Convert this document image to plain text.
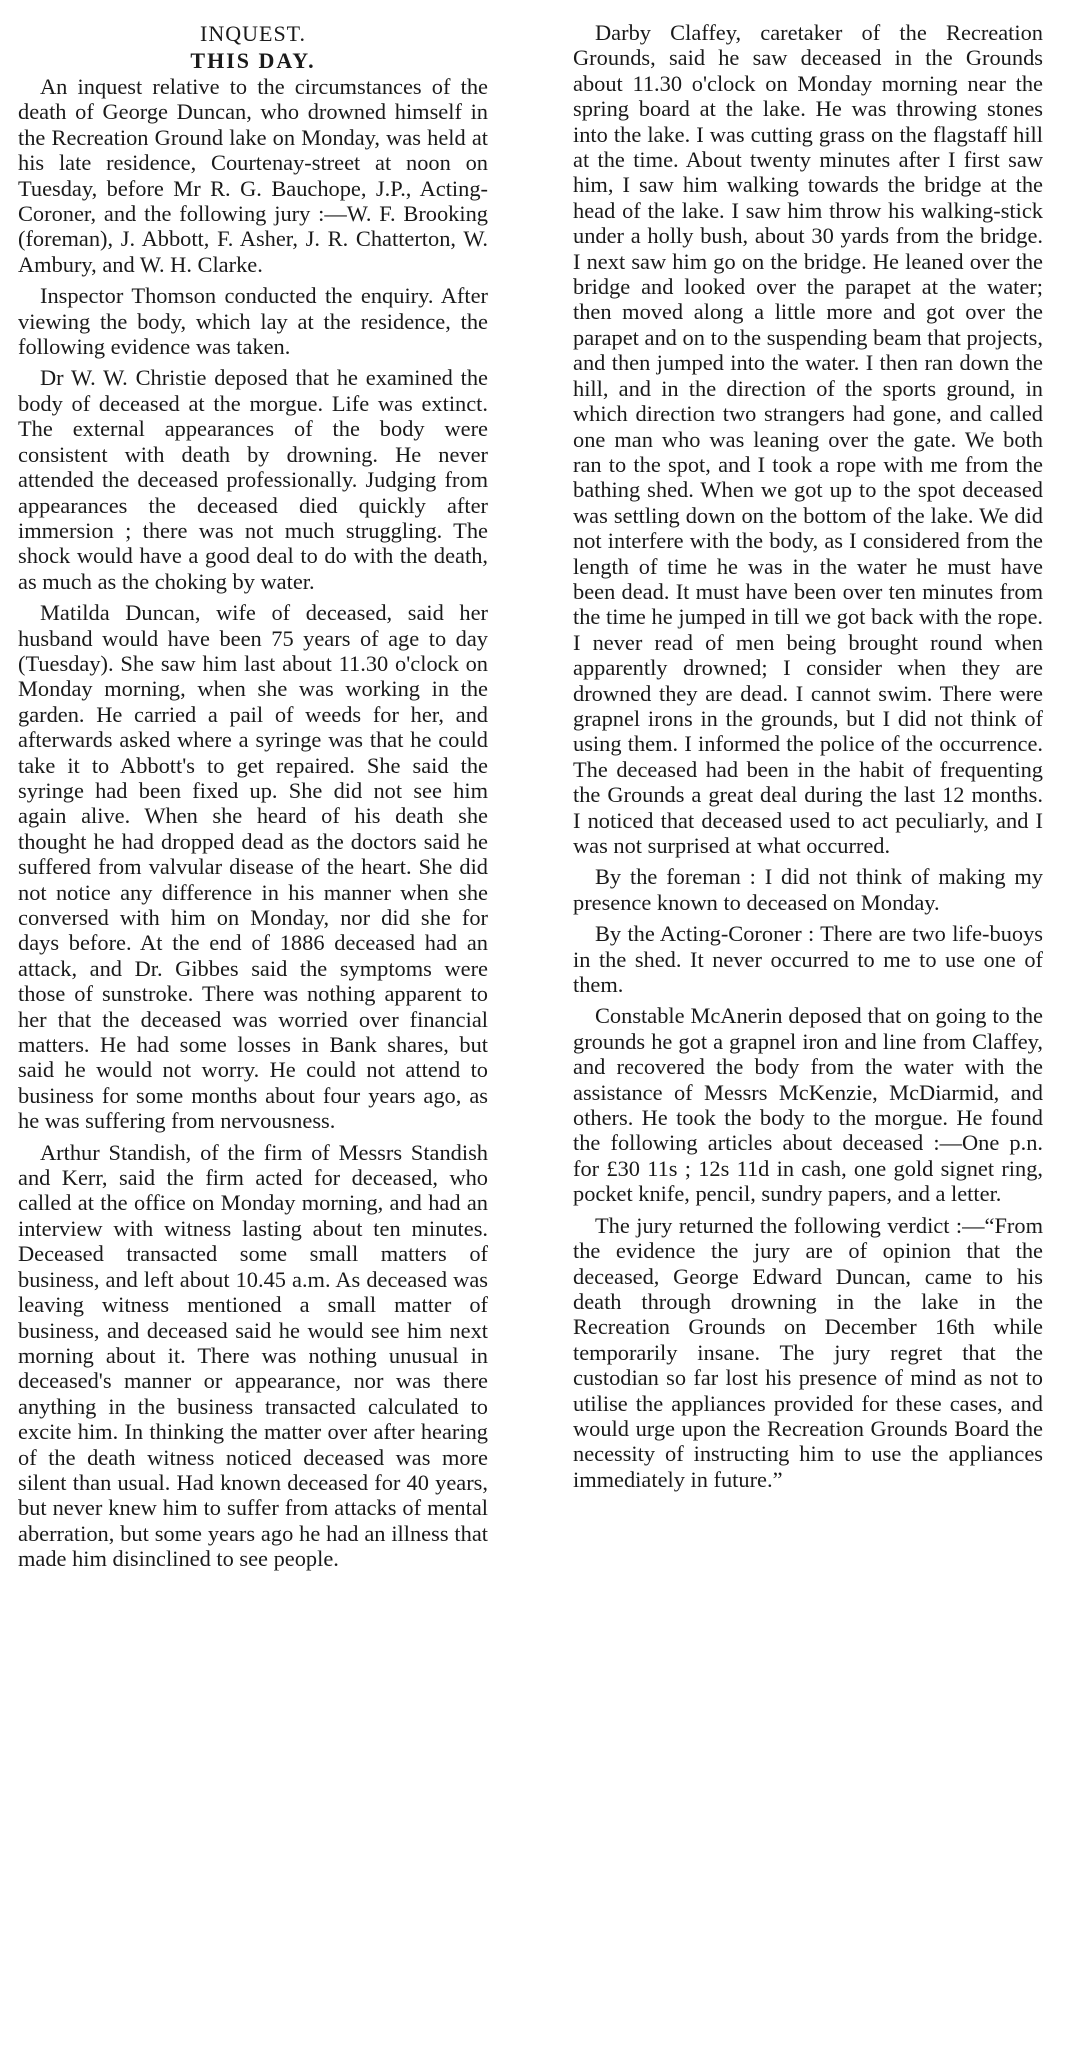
INQUEST.
THIS DAY.

An inquest relative to the circumstances of the death of George Duncan, who drowned himself in the Recreation Ground lake on Monday, was held at his late residence, Courtenay-street at noon on Tuesday, before Mr R. G. Bauchope, J.P., Acting-Coroner, and the following jury :—W. F. Brooking (foreman), J. Abbott, F. Asher, J. R. Chatterton, W. Ambury, and W. H. Clarke.

Inspector Thomson conducted the enquiry. After viewing the body, which lay at the residence, the following evidence was taken.

Dr W. W. Christie deposed that he examined the body of deceased at the morgue. Life was extinct. The external appearances of the body were consistent with death by drowning. He never attended the deceased professionally. Judging from appearances the deceased died quickly after immersion ; there was not much struggling. The shock would have a good deal to do with the death, as much as the choking by water.

Matilda Duncan, wife of deceased, said her husband would have been 75 years of age to day (Tuesday). She saw him last about 11.30 o'clock on Monday morning, when she was working in the garden. He carried a pail of weeds for her, and afterwards asked where a syringe was that he could take it to Abbott's to get repaired. She said the syringe had been fixed up. She did not see him again alive. When she heard of his death she thought he had dropped dead as the doctors said he suffered from valvular disease of the heart. She did not notice any difference in his manner when she conversed with him on Monday, nor did she for days before. At the end of 1886 deceased had an attack, and Dr. Gibbes said the symptoms were those of sunstroke. There was nothing apparent to her that the deceased was worried over financial matters. He had some losses in Bank shares, but said he would not worry. He could not attend to business for some months about four years ago, as he was suffering from nervousness.

Arthur Standish, of the firm of Messrs Standish and Kerr, said the firm acted for deceased, who called at the office on Monday morning, and had an interview with witness lasting about ten minutes. Deceased transacted some small matters of business, and left about 10.45 a.m. As deceased was leaving witness mentioned a small matter of business, and deceased said he would see him next morning about it. There was nothing unusual in deceased's manner or appearance, nor was there anything in the business transacted calculated to excite him. In thinking the matter over after hearing of the death witness noticed deceased was more silent than usual. Had known deceased for 40 years, but never knew him to suffer from attacks of mental aberration, but some years ago he had an illness that made him disinclined to see people.

Darby Claffey, caretaker of the Recreation Grounds, said he saw deceased in the Grounds about 11.30 o'clock on Monday morning near the spring board at the lake. He was throwing stones into the lake. I was cutting grass on the flagstaff hill at the time. About twenty minutes after I first saw him, I saw him walking towards the bridge at the head of the lake. I saw him throw his walking-stick under a holly bush, about 30 yards from the bridge. I next saw him go on the bridge. He leaned over the bridge and looked over the parapet at the water; then moved along a little more and got over the parapet and on to the suspending beam that projects, and then jumped into the water. I then ran down the hill, and in the direction of the sports ground, in which direction two strangers had gone, and called one man who was leaning over the gate. We both ran to the spot, and I took a rope with me from the bathing shed. When we got up to the spot deceased was settling down on the bottom of the lake. We did not interfere with the body, as I considered from the length of time he was in the water he must have been dead. It must have been over ten minutes from the time he jumped in till we got back with the rope. I never read of men being brought round when apparently drowned; I consider when they are drowned they are dead. I cannot swim. There were grapnel irons in the grounds, but I did not think of using them. I informed the police of the occurrence. The deceased had been in the habit of frequenting the Grounds a great deal during the last 12 months. I noticed that deceased used to act peculiarly, and I was not surprised at what occurred.

By the foreman : I did not think of making my presence known to deceased on Monday.

By the Acting-Coroner : There are two life-buoys in the shed. It never occurred to me to use one of them.

Constable McAnerin deposed that on going to the grounds he got a grapnel iron and line from Claffey, and recovered the body from the water with the assistance of Messrs McKenzie, McDiarmid, and others. He took the body to the morgue. He found the following articles about deceased :—One p.n. for £30 11s ; 12s 11d in cash, one gold signet ring, pocket knife, pencil, sundry papers, and a letter.

The jury returned the following verdict :—“From the evidence the jury are of opinion that the deceased, George Edward Duncan, came to his death through drowning in the lake in the Recreation Grounds on December 16th while temporarily insane. The jury regret that the custodian so far lost his presence of mind as not to utilise the appliances provided for these cases, and would urge upon the Recreation Grounds Board the necessity of instructing him to use the appliances immediately in future.”
